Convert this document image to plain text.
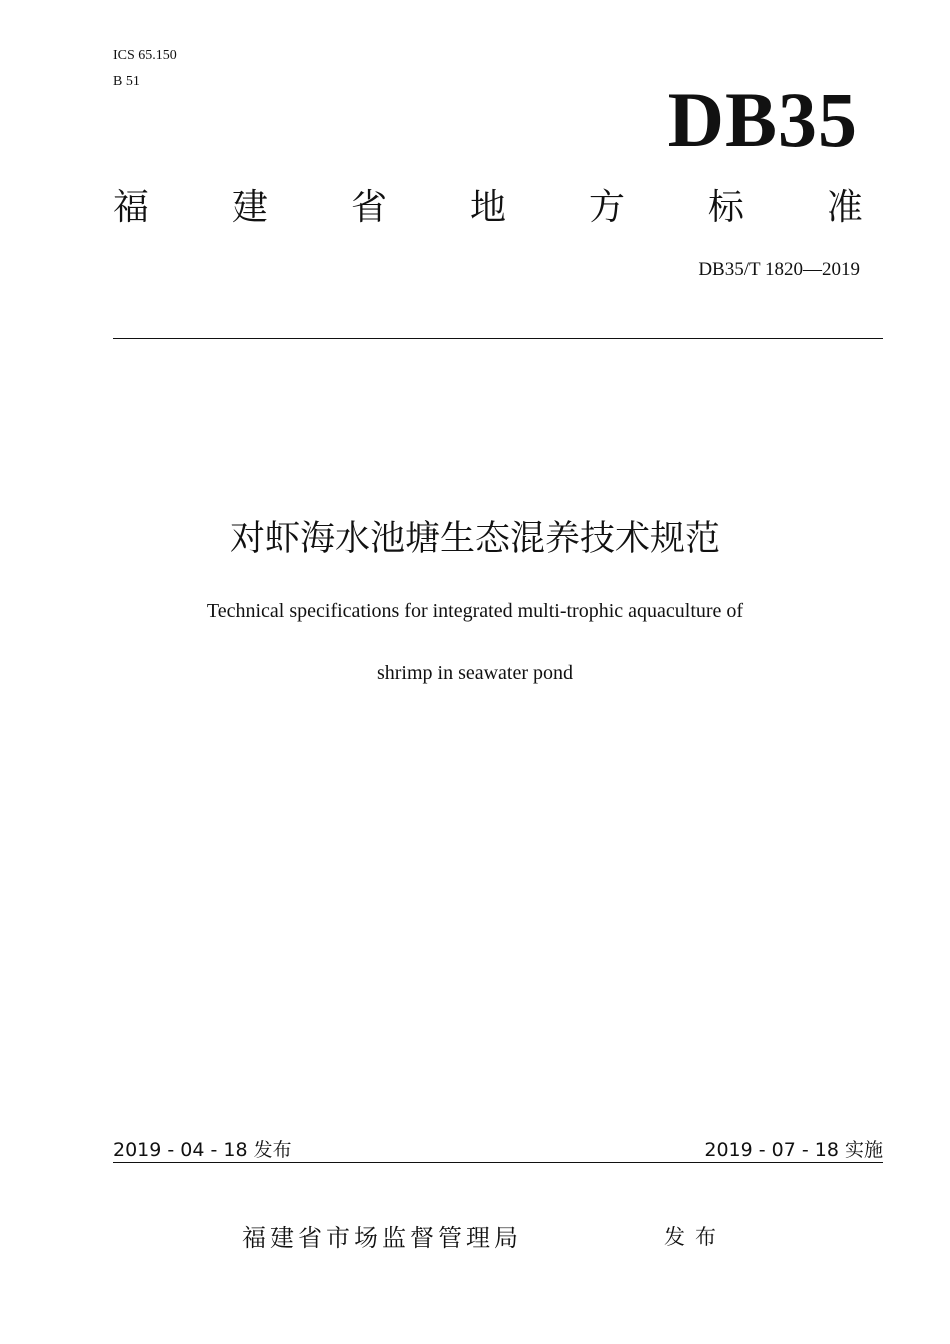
ICS 65.150
B 51	DB35
福 建 省 地 方 标 准
DB35/T 1820—2019
对虾海水池塘生态混养技术规范
Technical specifications for integrated multi-trophic aquaculture of
shrimp in seawater pond
2019 - 04 - 18 发布	2019 - 07 - 18 实施
福建省市场监督管理局	发布
